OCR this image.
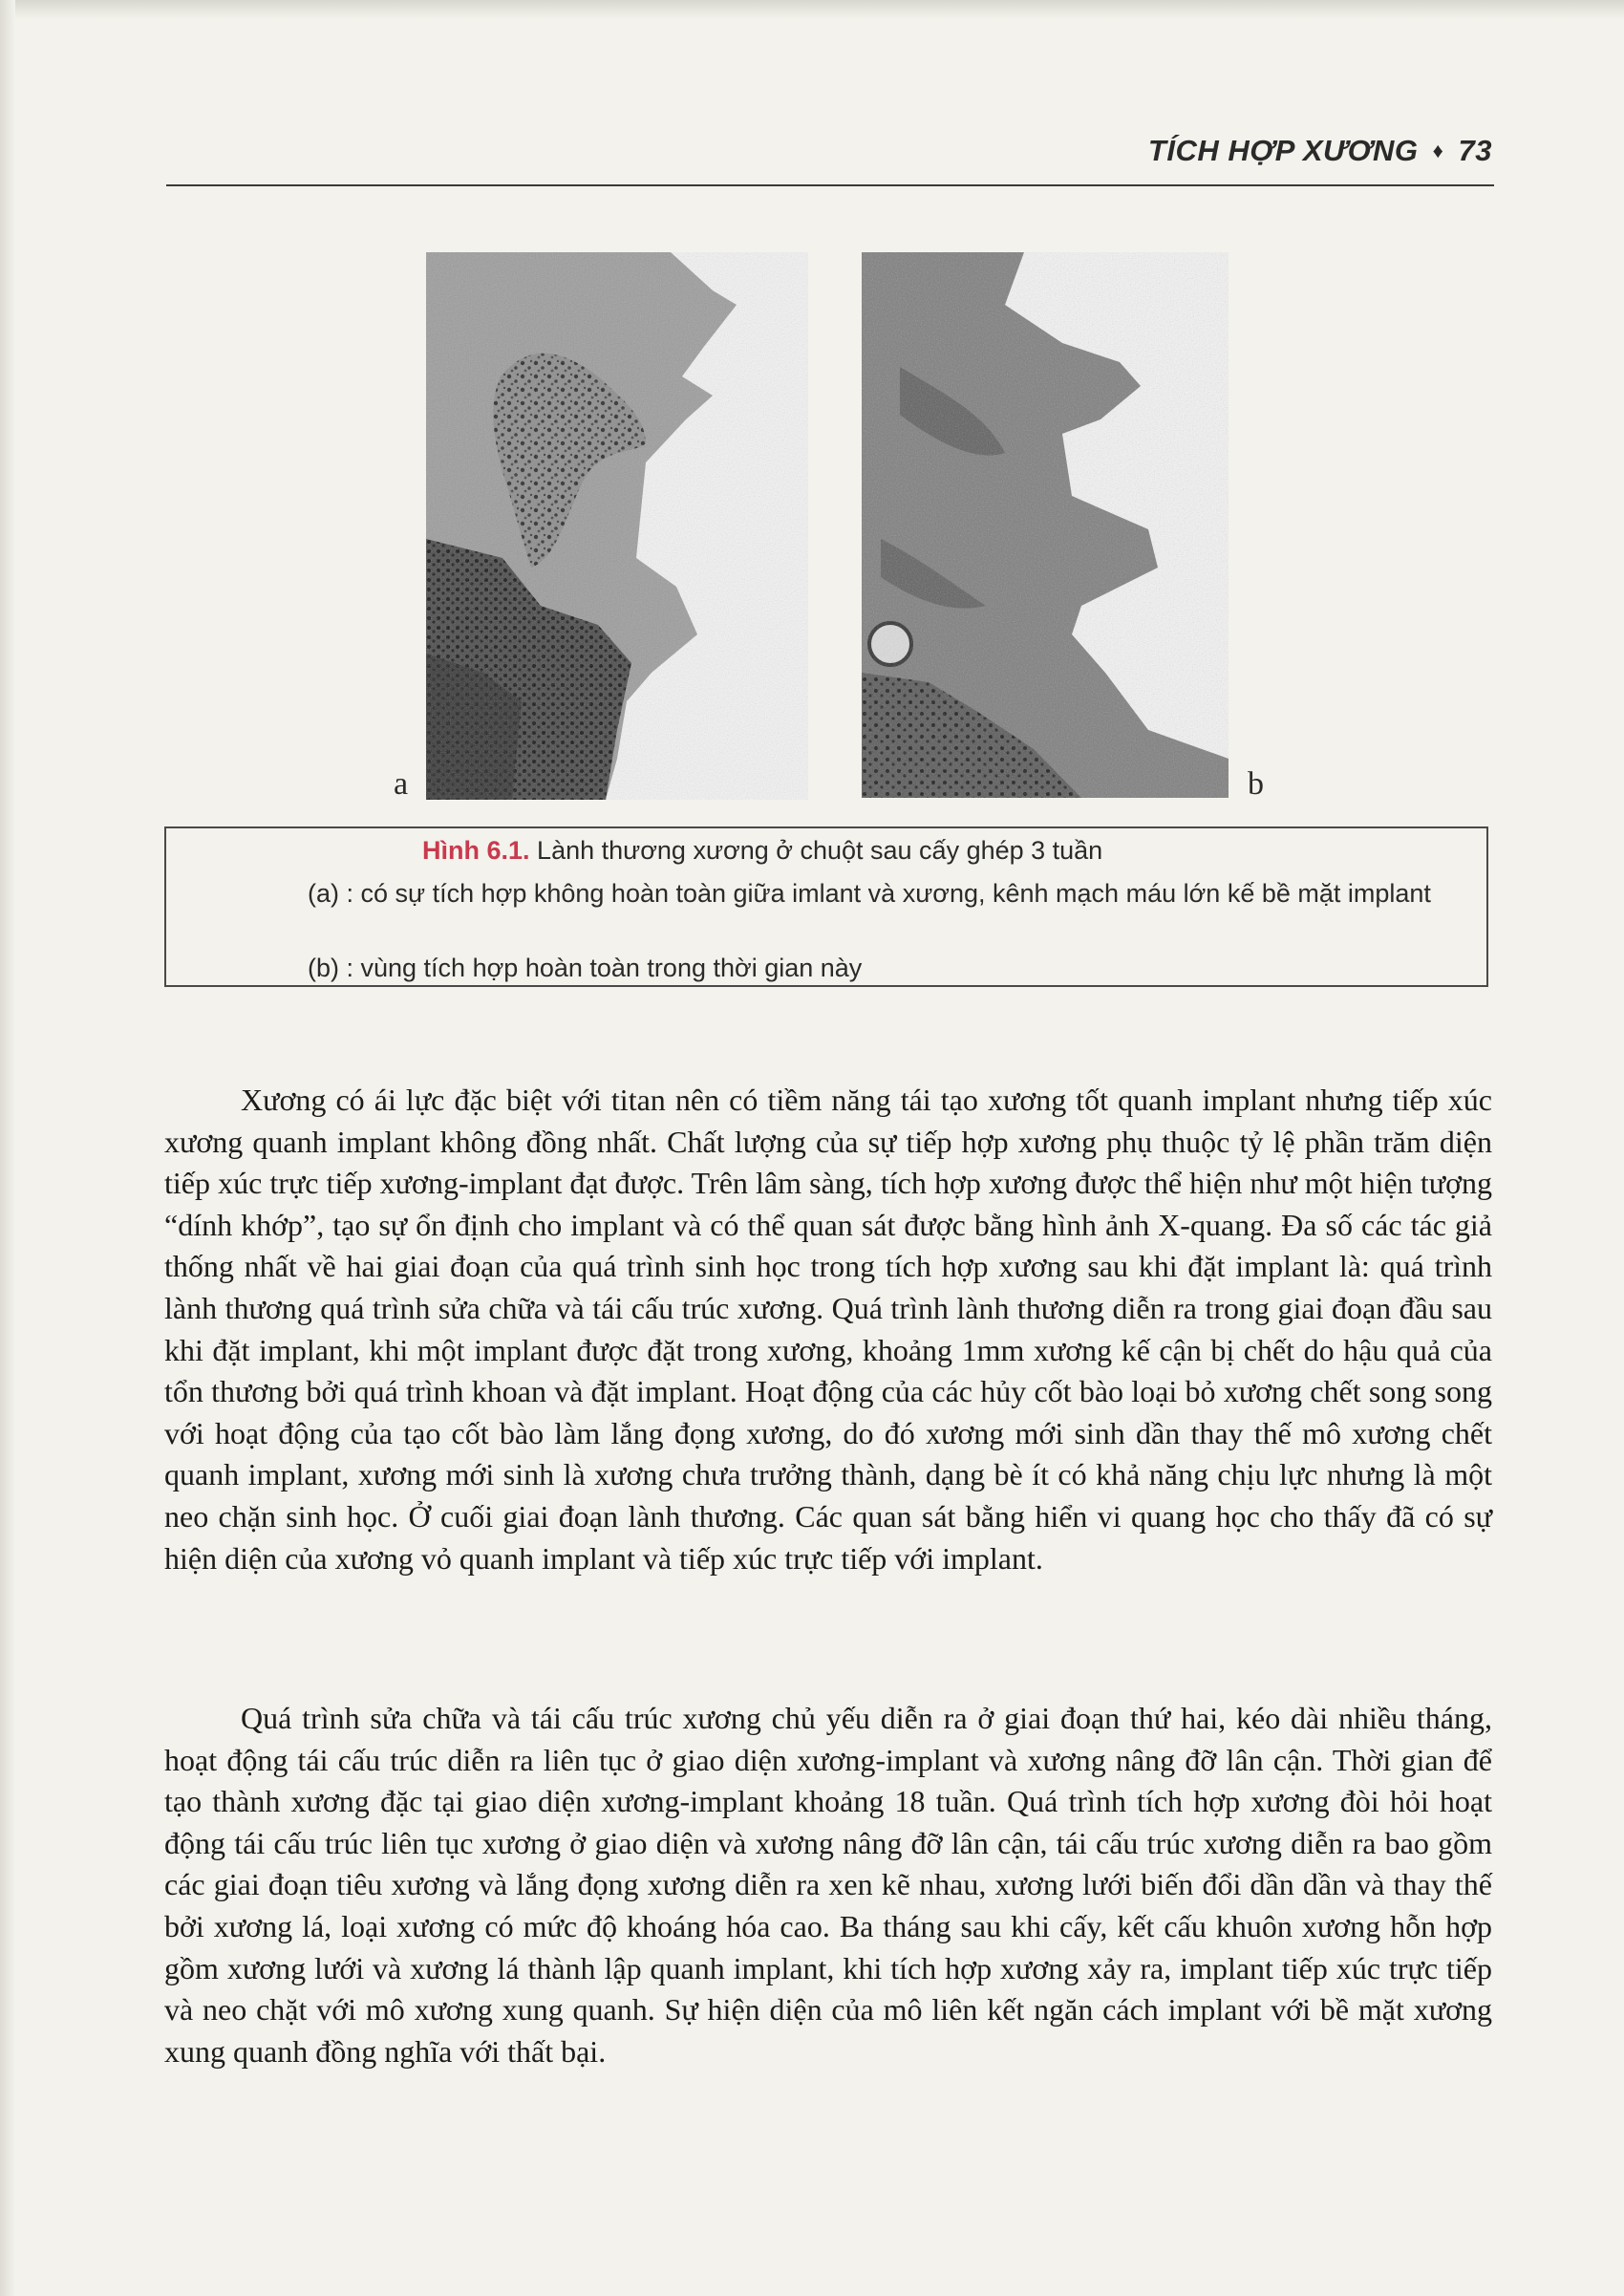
TÍCH HỢP XƯƠNG ♦ 73
a	b
Hình 6.1. Lành thương xương ở chuột sau cấy ghép 3 tuần
(a) : có sự tích hợp không hoàn toàn giữa imlant và xương, kênh mạch máu lớn kế bề mặt implant
(b) : vùng tích hợp hoàn toàn trong thời gian này

Xương có ái lực đặc biệt với titan nên có tiềm năng tái tạo xương tốt quanh implant nhưng tiếp xúc xương quanh implant không đồng nhất. Chất lượng của sự tiếp hợp xương phụ thuộc tỷ lệ phần trăm diện tiếp xúc trực tiếp xương-implant đạt được. Trên lâm sàng, tích hợp xương được thể hiện như một hiện tượng “dính khớp”, tạo sự ổn định cho implant và có thể quan sát được bằng hình ảnh X-quang. Đa số các tác giả thống nhất về hai giai đoạn của quá trình sinh học trong tích hợp xương sau khi đặt implant là: quá trình lành thương quá trình sửa chữa và tái cấu trúc xương. Quá trình lành thương diễn ra trong giai đoạn đầu sau khi đặt implant, khi một implant được đặt trong xương, khoảng 1mm xương kế cận bị chết do hậu quả của tổn thương bởi quá trình khoan và đặt implant. Hoạt động của các hủy cốt bào loại bỏ xương chết song song với hoạt động của tạo cốt bào làm lắng đọng xương, do đó xương mới sinh dần thay thế mô xương chết quanh implant, xương mới sinh là xương chưa trưởng thành, dạng bè ít có khả năng chịu lực nhưng là một neo chặn sinh học. Ở cuối giai đoạn lành thương. Các quan sát bằng hiển vi quang học cho thấy đã có sự hiện diện của xương vỏ quanh implant và tiếp xúc trực tiếp với implant.

Quá trình sửa chữa và tái cấu trúc xương chủ yếu diễn ra ở giai đoạn thứ hai, kéo dài nhiều tháng, hoạt động tái cấu trúc diễn ra liên tục ở giao diện xương-implant và xương nâng đỡ lân cận. Thời gian để tạo thành xương đặc tại giao diện xương-implant khoảng 18 tuần. Quá trình tích hợp xương đòi hỏi hoạt động tái cấu trúc liên tục xương ở giao diện và xương nâng đỡ lân cận, tái cấu trúc xương diễn ra bao gồm các giai đoạn tiêu xương và lắng đọng xương diễn ra xen kẽ nhau, xương lưới biến đổi dần dần và thay thế bởi xương lá, loại xương có mức độ khoáng hóa cao. Ba tháng sau khi cấy, kết cấu khuôn xương hỗn hợp gồm xương lưới và xương lá thành lập quanh implant, khi tích hợp xương xảy ra, implant tiếp xúc trực tiếp và neo chặt với mô xương xung quanh. Sự hiện diện của mô liên kết ngăn cách implant với bề mặt xương xung quanh đồng nghĩa với thất bại.
